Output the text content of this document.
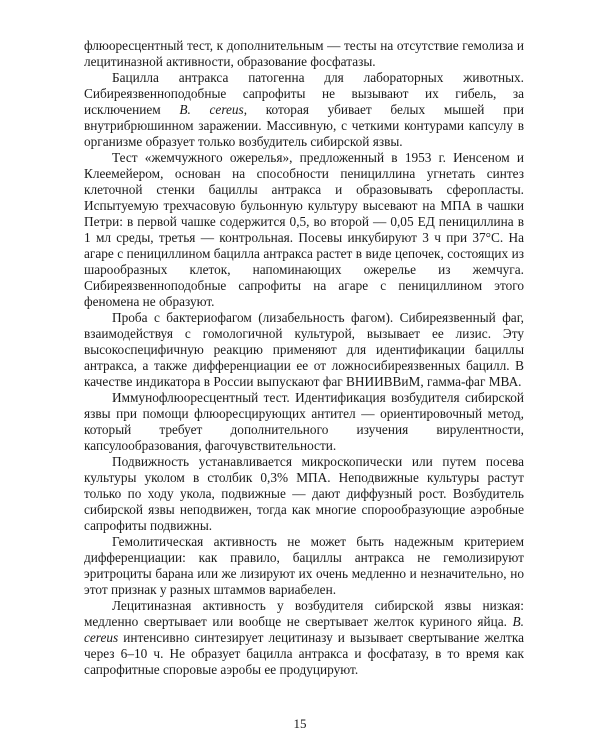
флюоресцентный тест, к дополнительным — тесты на отсутствие гемолиза и лецитиназной активности, образование фосфатазы.

Бацилла антракса патогенна для лабораторных животных. Сибиреязвенноподобные сапрофиты не вызывают их гибель, за исключением B. cereus, которая убивает белых мышей при внутрибрюшинном заражении. Массивную, с четкими контурами капсулу в организме образует только возбудитель сибирской язвы.

Тест «жемчужного ожерелья», предложенный в 1953 г. Иенсеном и Клеемейером, основан на способности пенициллина угнетать синтез клеточной стенки бациллы антракса и образовывать сферопласты. Испытуемую трехчасовую бульонную культуру высевают на МПА в чашки Петри: в первой чашке содержится 0,5, во второй — 0,05 ЕД пенициллина в 1 мл среды, третья — контрольная. Посевы инкубируют 3 ч при 37°С. На агаре с пенициллином бацилла антракса растет в виде цепочек, состоящих из шарообразных клеток, напоминающих ожерелье из жемчуга. Сибиреязвенноподобные сапрофиты на агаре с пенициллином этого феномена не образуют.

Проба с бактериофагом (лизабельность фагом). Сибиреязвенный фаг, взаимодействуя с гомологичной культурой, вызывает ее лизис. Эту высокоспецифичную реакцию применяют для идентификации бациллы антракса, а также дифференциации ее от ложносибиреязвенных бацилл. В качестве индикатора в России выпускают фаг ВНИИВВиМ, гамма-фаг МВА.

Иммунофлюоресцентный тест. Идентификация возбудителя сибирской язвы при помощи флюоресцирующих антител — ориентировочный метод, который требует дополнительного изучения вирулентности, капсулообразования, фагочувствительности.

Подвижность устанавливается микроскопически или путем посева культуры уколом в столбик 0,3% МПА. Неподвижные культуры растут только по ходу укола, подвижные — дают диффузный рост. Возбудитель сибирской язвы неподвижен, тогда как многие спорообразующие аэробные сапрофиты подвижны.

Гемолитическая активность не может быть надежным критерием дифференциации: как правило, бациллы антракса не гемолизируют эритроциты барана или же лизируют их очень медленно и незначительно, но этот признак у разных штаммов вариабелен.

Лецитиназная активность у возбудителя сибирской язвы низкая: медленно свертывает или вообще не свертывает желток куриного яйца. B. cereus интенсивно синтезирует лецитиназу и вызывает свертывание желтка через 6–10 ч. Не образует бацилла антракса и фосфатазу, в то время как сапрофитные споровые аэробы ее продуцируют.

15
